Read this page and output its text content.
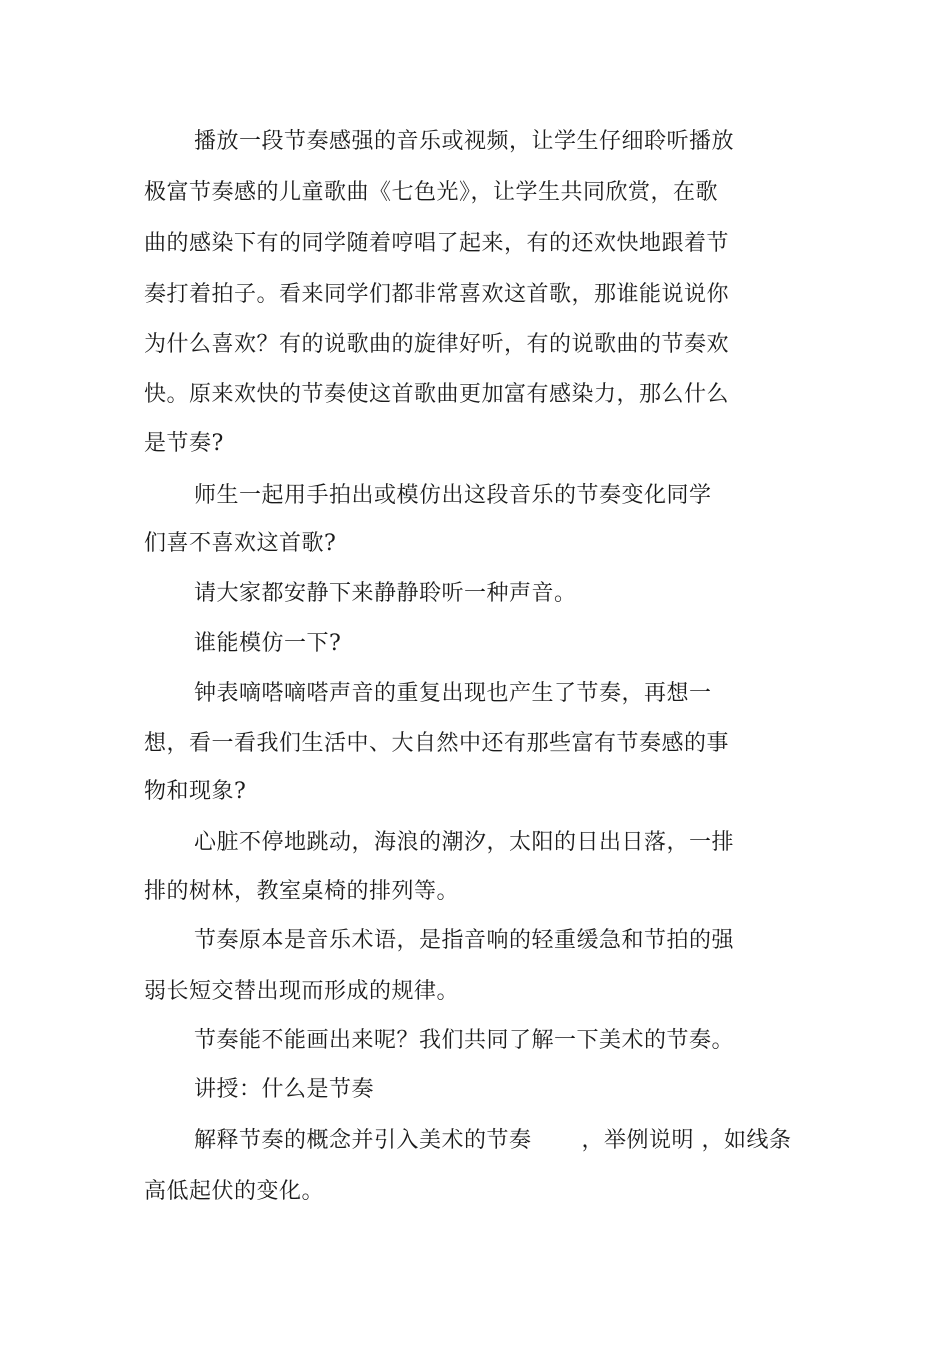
播放一段节奏感强的音乐或视频，让学生仔细聆听播放
极富节奏感的儿童歌曲《七色光》，让学生共同欣赏，在歌
曲的感染下有的同学随着哼唱了起来，有的还欢快地跟着节
奏打着拍子。看来同学们都非常喜欢这首歌，那谁能说说你
为什么喜欢？有的说歌曲的旋律好听，有的说歌曲的节奏欢
快。原来欢快的节奏使这首歌曲更加富有感染力，那么什么
是节奏?
师生一起用手拍出或模仿出这段音乐的节奏变化同学
们喜不喜欢这首歌?
请大家都安静下来静静聆听一种声音。
谁能模仿一下?
钟表嘀嗒嘀嗒声音的重复出现也产生了节奏，再想一
想，看一看我们生活中、大自然中还有那些富有节奏感的事
物和现象?
心脏不停地跳动，海浪的潮汐，太阳的日出日落，一排
排的树林，教室桌椅的排列等。
节奏原本是音乐术语，是指音响的轻重缓急和节拍的强
弱长短交替出现而形成的规律。
节奏能不能画出来呢？我们共同了解一下美术的节奏。
讲授：什么是节奏
解释节奏的概念并引入美术的节奏 ，举例说明 ，如线条
高低起伏的变化。
